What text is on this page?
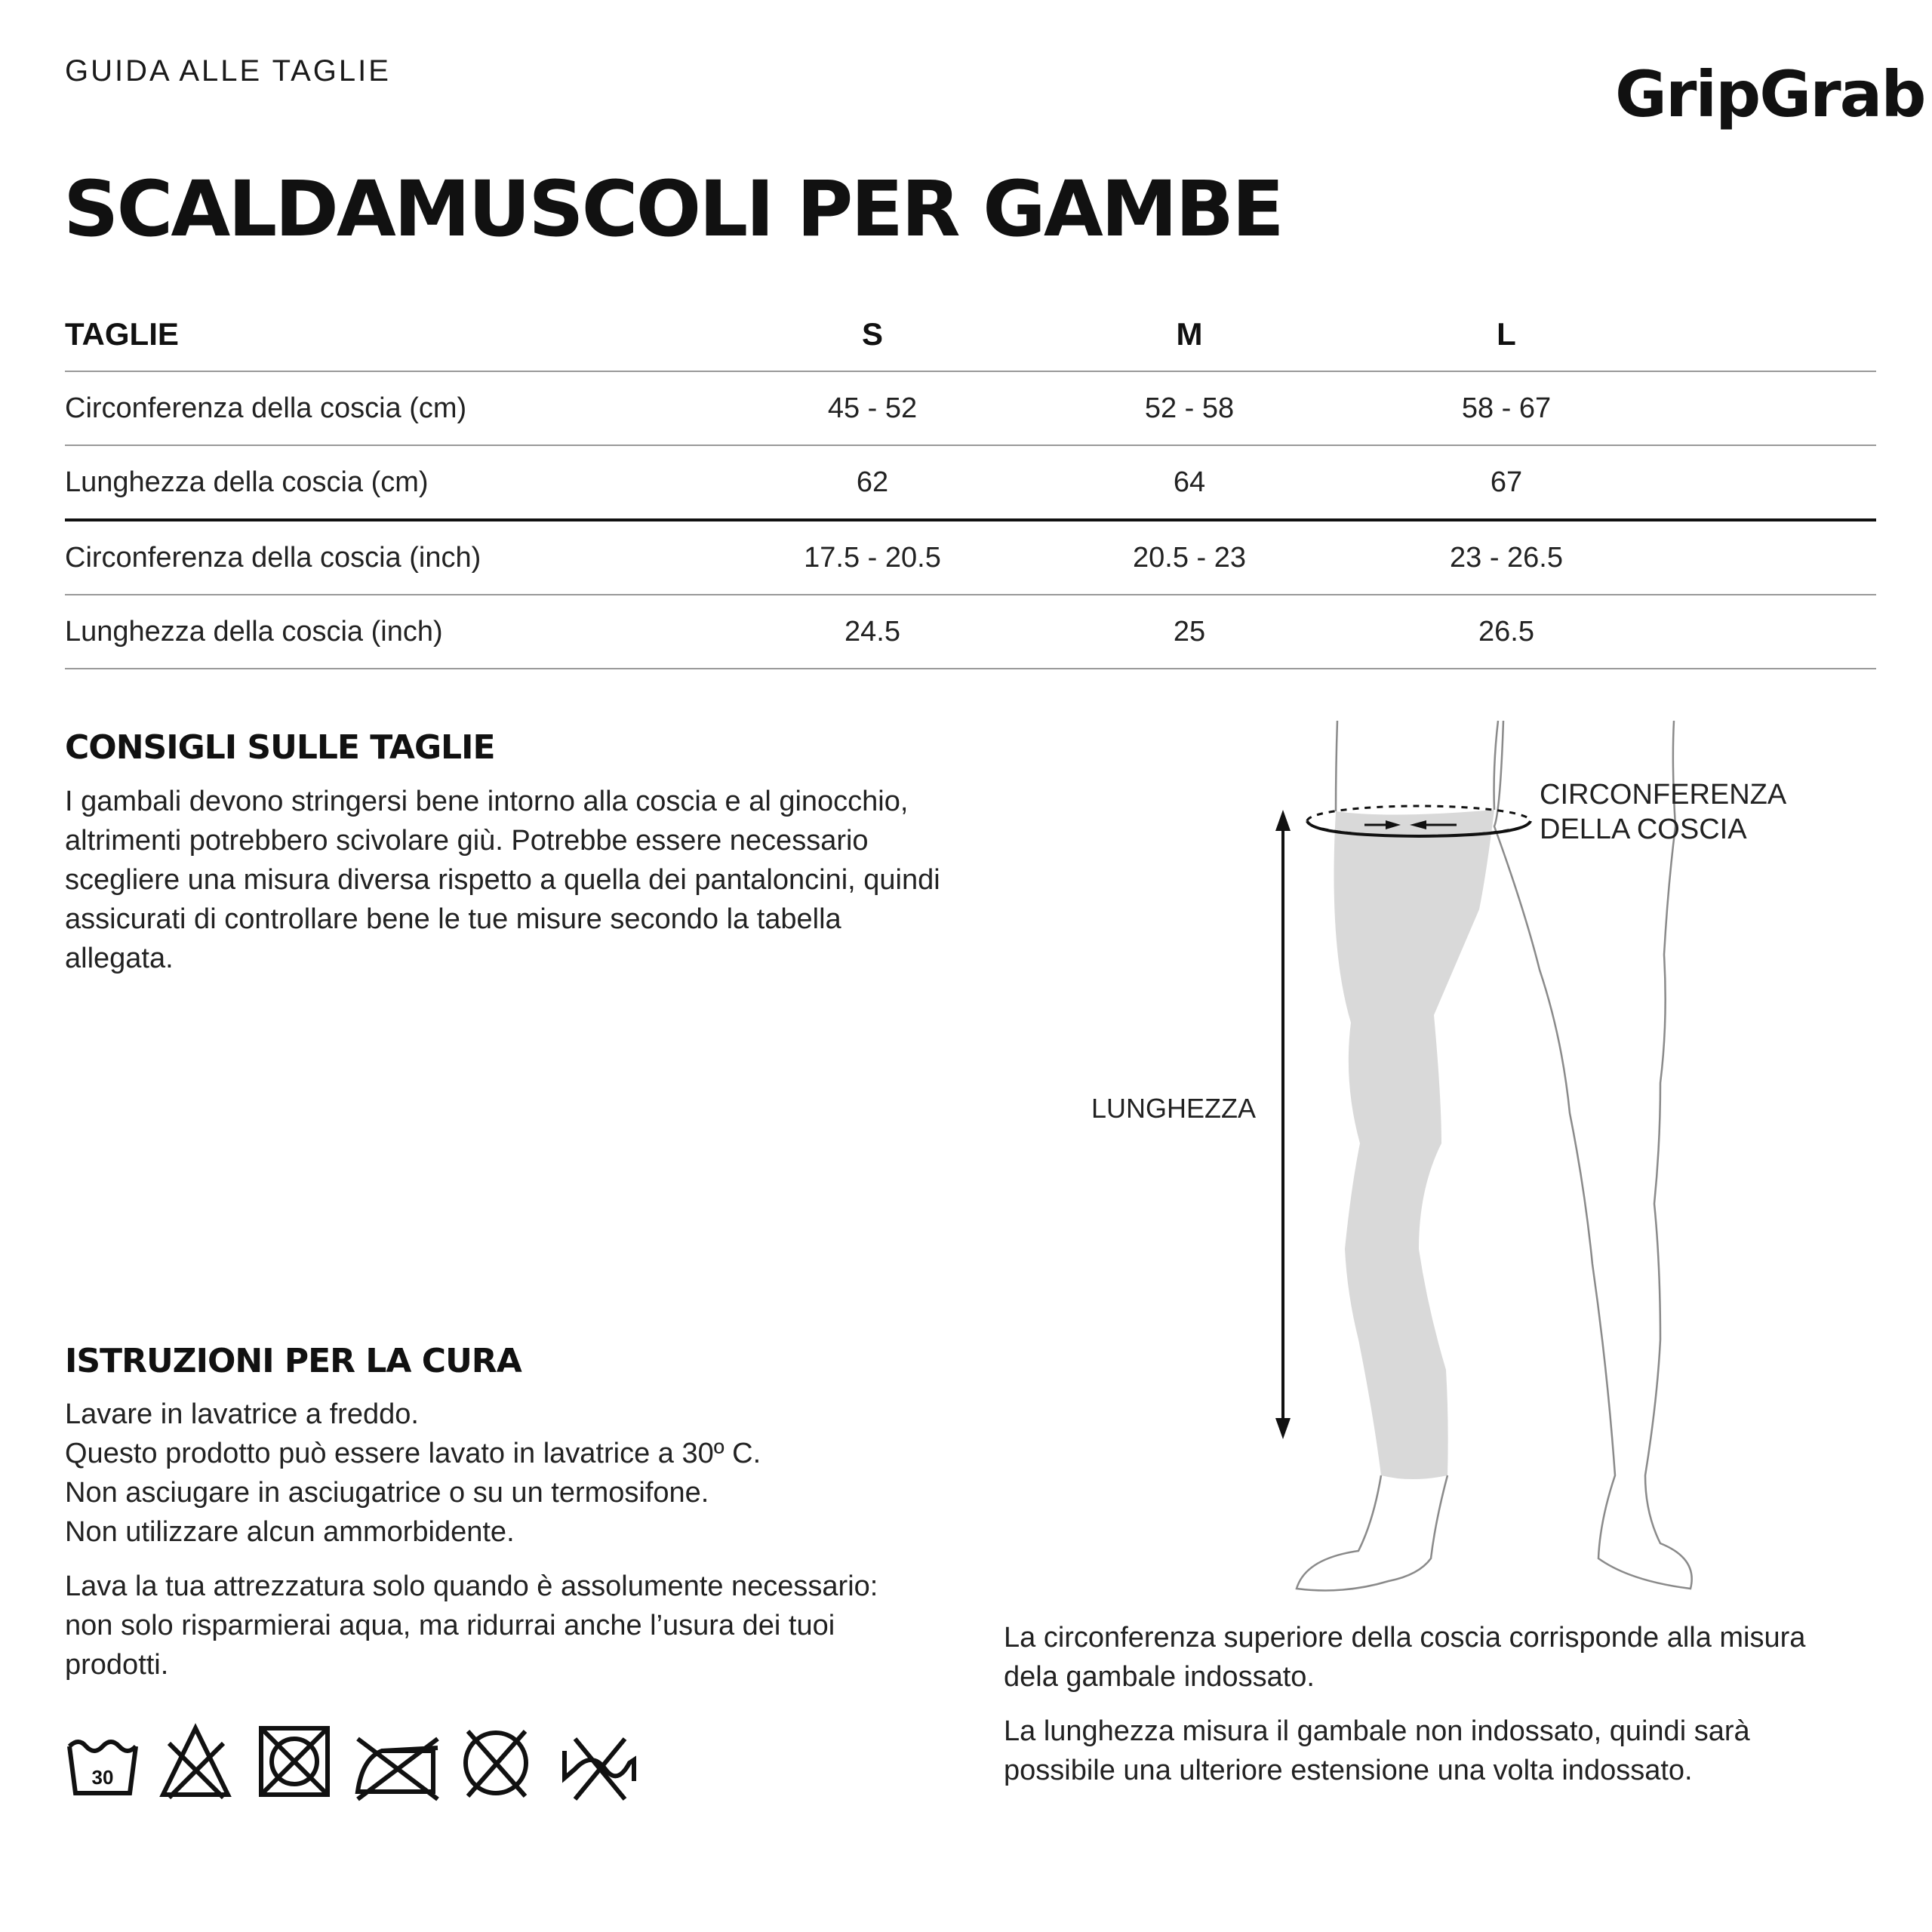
GUIDA ALLE TAGLIE	GripGrab
SCALDAMUSCOLI PER GAMBE
TAGLIE	S	M	L	
Circonferenza della coscia (cm)	45 - 52	52 - 58	58 - 67	
Lunghezza della coscia (cm)	62	64	67	
Circonferenza della coscia (inch)	17.5 - 20.5	20.5 - 23	23 - 26.5	
Lunghezza della coscia (inch)	24.5	25	26.5	
CONSIGLI SULLE TAGLIE

I gambali devono stringersi bene intorno alla coscia e al ginocchio, altrimenti potrebbero scivolare giù. Potrebbe essere necessario scegliere una misura diversa rispetto a quella dei pantaloncini, quindi assicurati di controllare bene le tue misure secondo la tabella allegata.

ISTRUZIONI PER LA CURA

Lavare in lavatrice a freddo.

Questo prodotto può essere lavato in lavatrice a 30º C.

Non asciugare in asciugatrice o su un termosifone.

Non utilizzare alcun ammorbidente.

Lava la tua attrezzatura solo quando è assolumente necessario: non solo risparmierai aqua, ma ridurrai anche l’usura dei tuoi prodotti.

30
CIRCONFERENZA
DELLA COSCIA
LUNGHEZZA

La circonferenza superiore della coscia corrisponde alla misura dela gambale indossato.

La lunghezza misura il gambale non indossato, quindi sarà possibile una ulteriore estensione una volta indossato.
